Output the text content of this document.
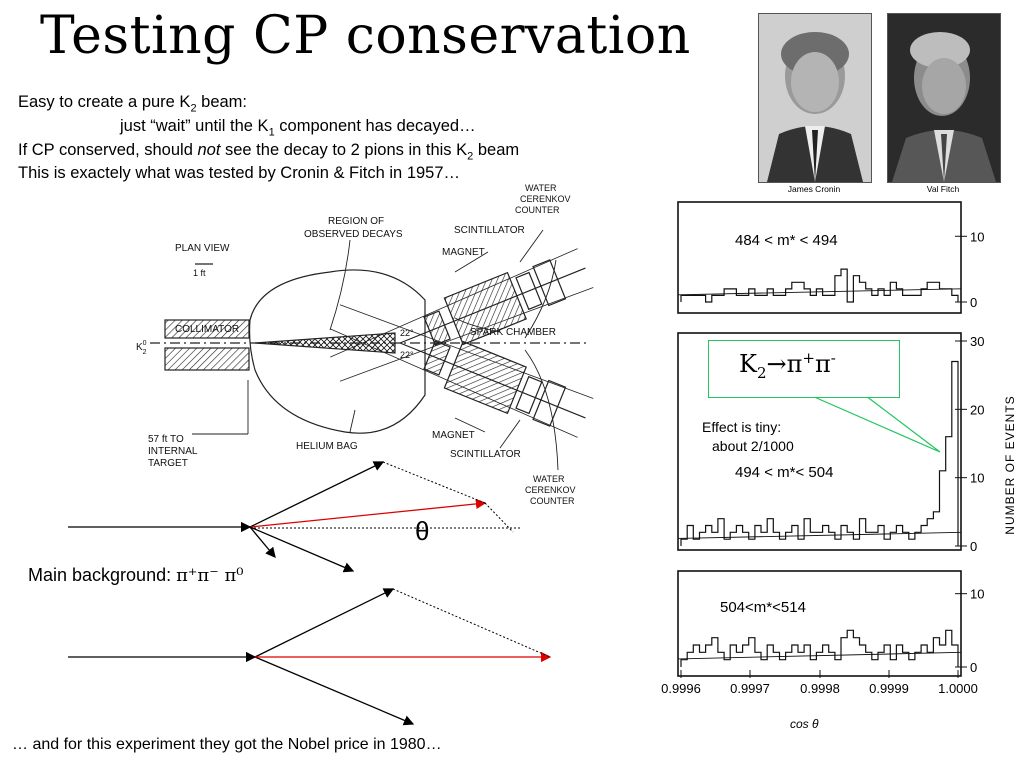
Testing CP conservation
Easy to create a pure $K_2$ beam:
just “wait” until the $K_1$ component has decayed…
If CP conserved, should not see the decay to 2 pions in this $K_2$ beam
This is exactely what was tested by Cronin & Fitch in 1957…
James Cronin	Val Fitch
PLAN VIEW
1 ft
COLLIMATOR
$K^0$ 2
REGION OF
OBSERVED DECAYS
WATER
CERENKOV
COUNTER
SCINTILLATOR
MAGNET
SPARK CHAMBER
22°
22°
HELIUM BAG
MAGNET
SCINTILLATOR
WATER
CERENKOV
COUNTER
57 ft TO
INTERNAL
TARGET
θ
Main background: π⁺π⁻ π⁰
0
10
0
10
20
30
0
10
0.9996 0.9997 0.9998 0.9999 1.0000
484 < m* < 494
494 < m*< 504
504<m*<514
cos θ
NUMBER OF EVENTS
$K_2\to\pi^+\pi^-$
Effect is tiny:
about 2/1000
… and for this experiment they got the Nobel price in 1980…
